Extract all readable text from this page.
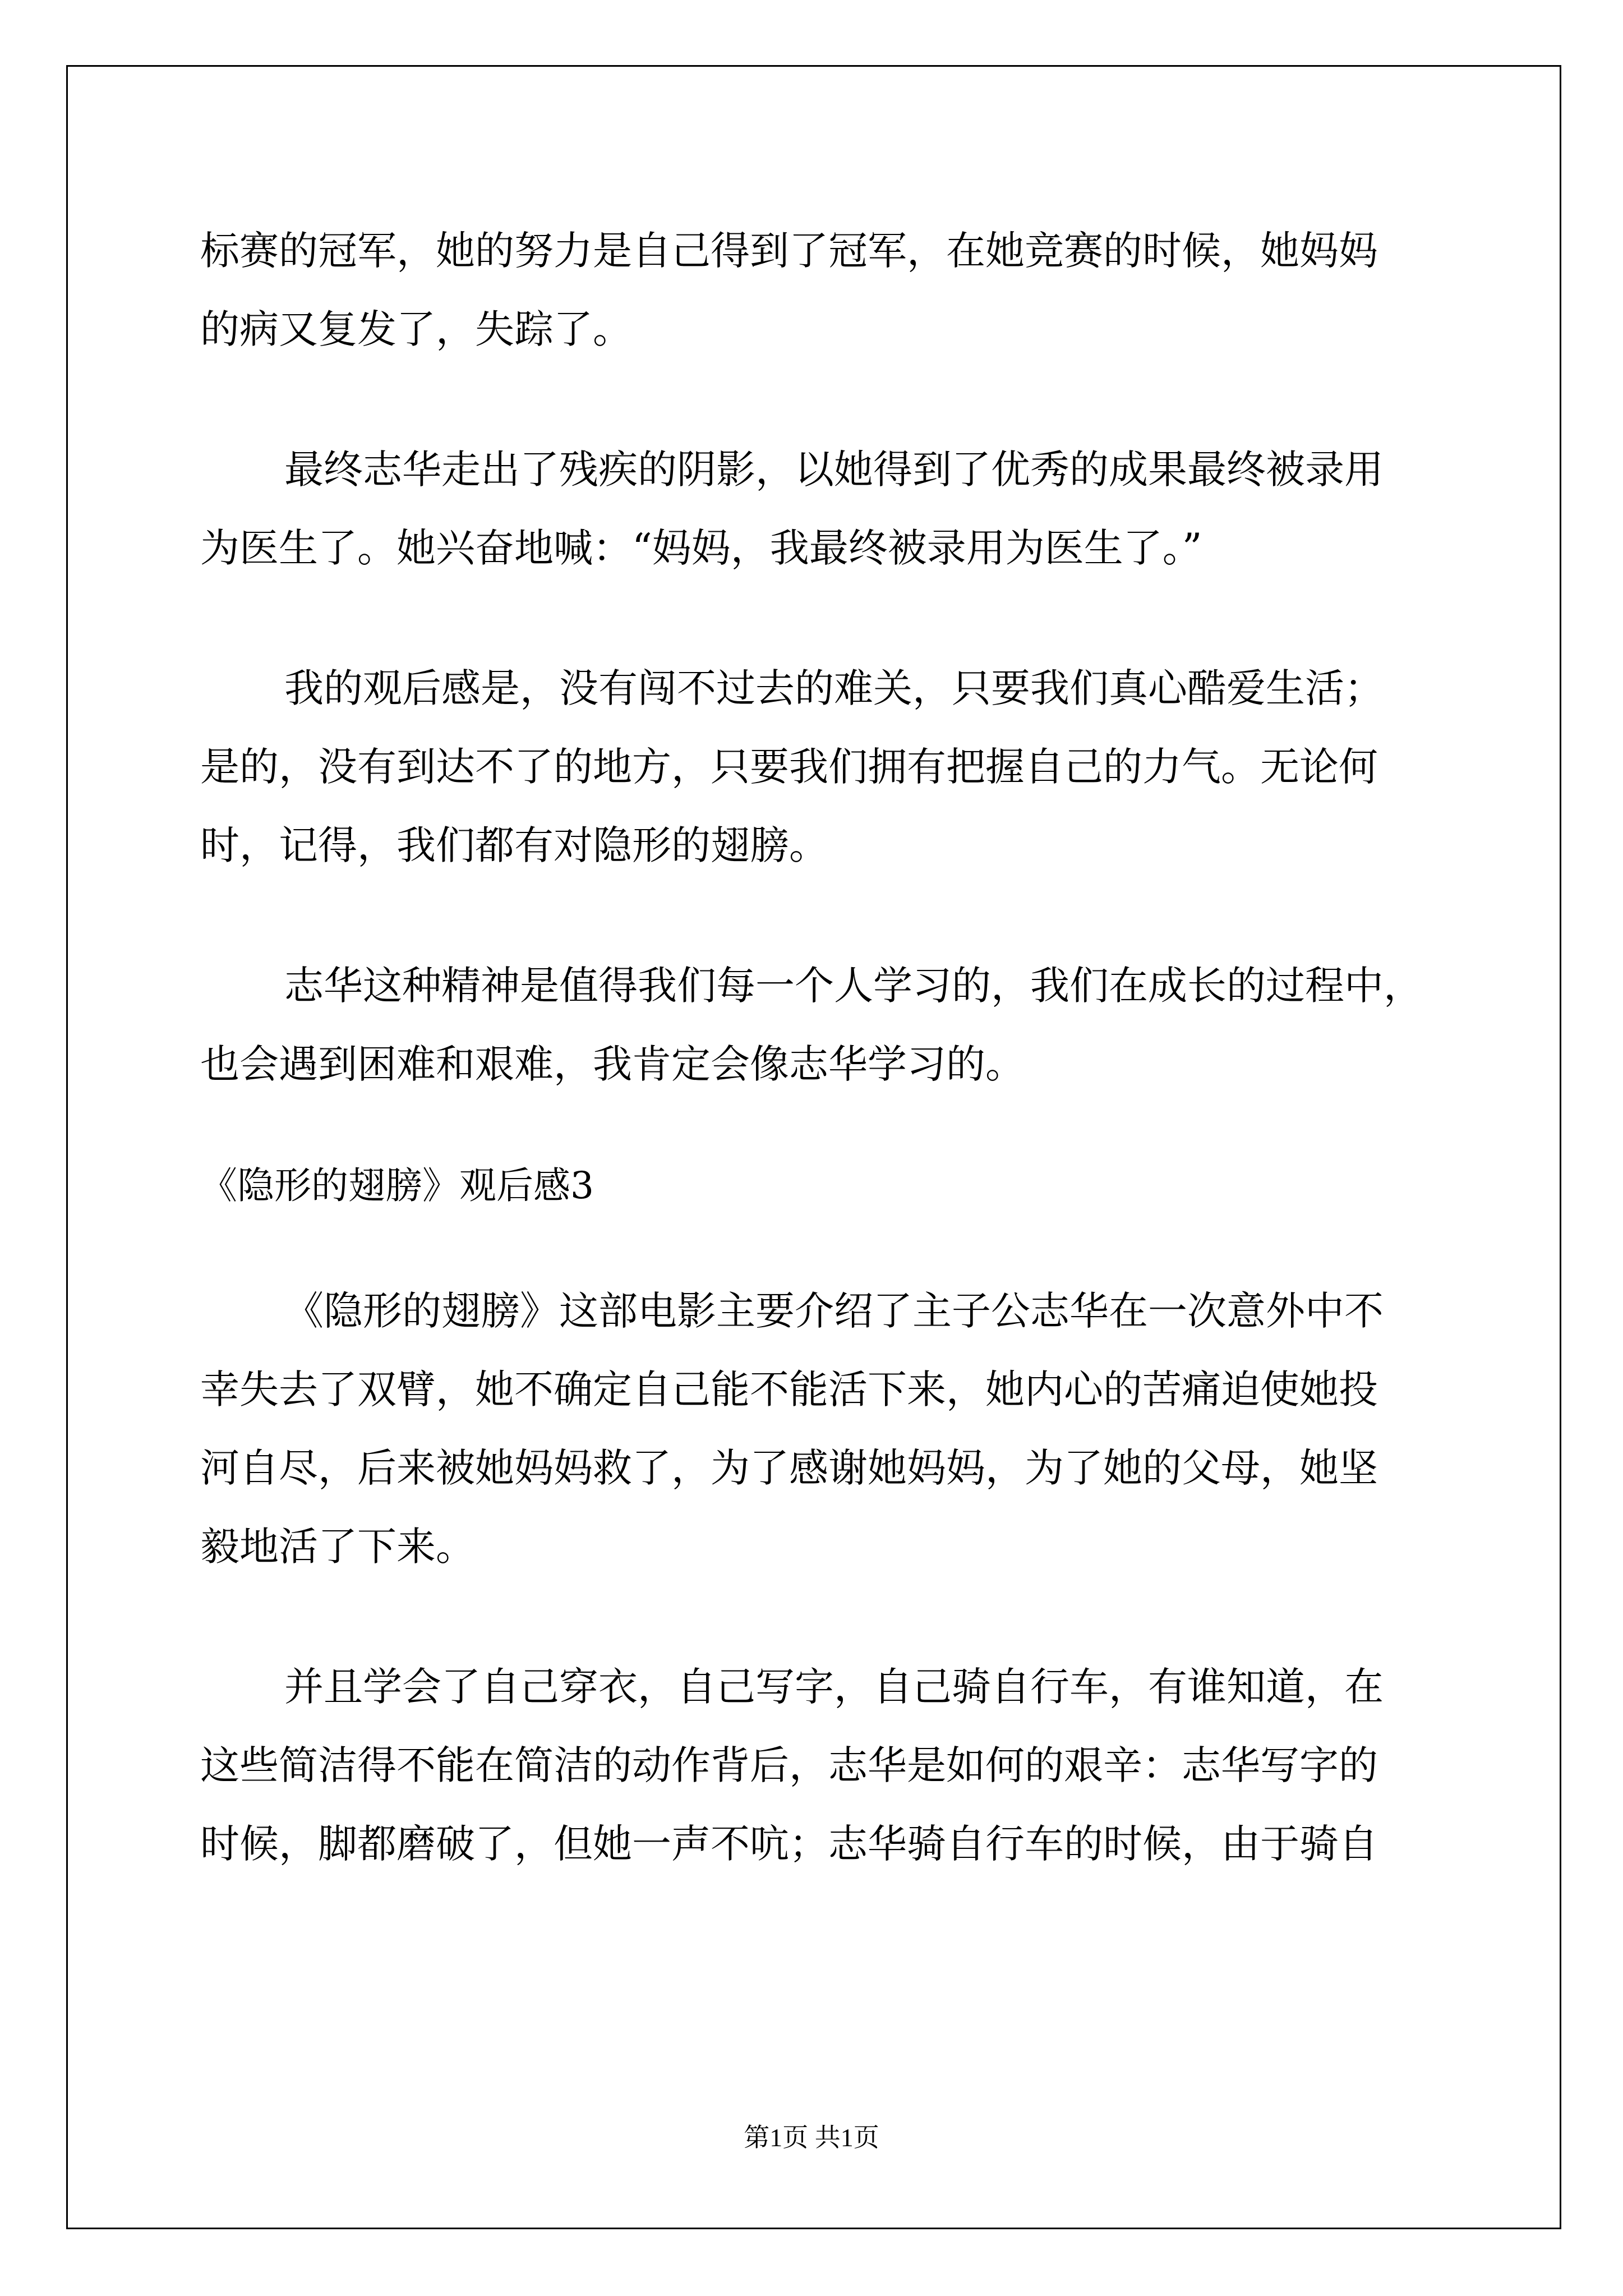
标赛的冠军，她的努力是自己得到了冠军，在她竞赛的时候，她妈妈
的病又复发了，失踪了。
最终志华走出了残疾的阴影，以她得到了优秀的成果最终被录用
为医生了。她兴奋地喊：“妈妈，我最终被录用为医生了。”
我的观后感是，没有闯不过去的难关，只要我们真心酷爱生活；
是的，没有到达不了的地方，只要我们拥有把握自己的力气。无论何
时，记得，我们都有对隐形的翅膀。
志华这种精神是值得我们每一个人学习的，我们在成长的过程中，
也会遇到困难和艰难，我肯定会像志华学习的。
《隐形的翅膀》观后感3
《隐形的翅膀》这部电影主要介绍了主子公志华在一次意外中不
幸失去了双臂，她不确定自己能不能活下来，她内心的苦痛迫使她投
河自尽，后来被她妈妈救了，为了感谢她妈妈，为了她的父母，她坚
毅地活了下来。
并且学会了自己穿衣，自己写字，自己骑自行车，有谁知道，在
这些简洁得不能在简洁的动作背后，志华是如何的艰辛：志华写字的
时候，脚都磨破了，但她一声不吭；志华骑自行车的时候，由于骑自
第1页 共1页
